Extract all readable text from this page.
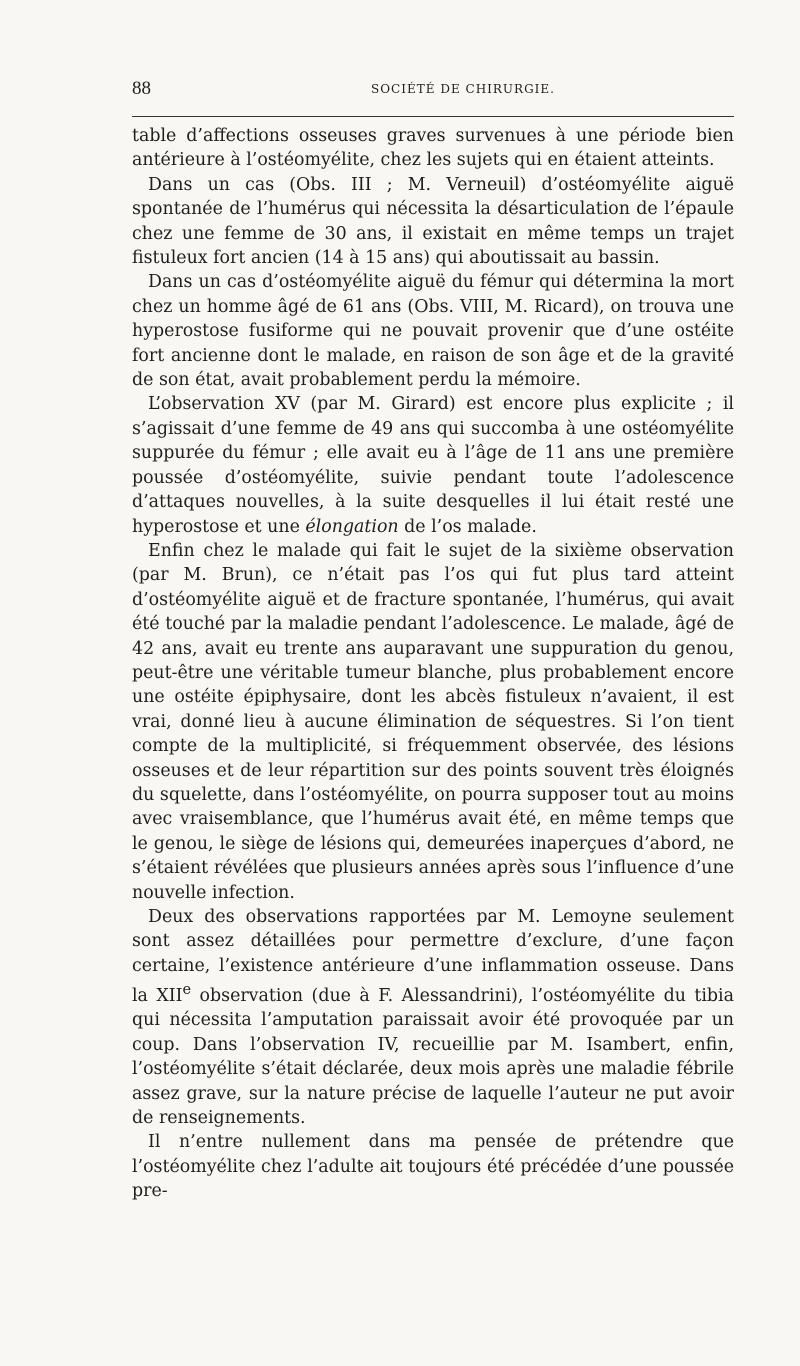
88	SOCIÉTÉ DE CHIRURGIE.

table d’affections osseuses graves survenues à une période bien antérieure à l’ostéomyélite, chez les sujets qui en étaient atteints.

Dans un cas (Obs. III ; M. Verneuil) d’ostéomyélite aiguë spontanée de l’humérus qui nécessita la désarticulation de l’épaule chez une femme de 30 ans, il existait en même temps un trajet fistuleux fort ancien (14 à 15 ans) qui aboutissait au bassin.

Dans un cas d’ostéomyélite aiguë du fémur qui détermina la mort chez un homme âgé de 61 ans (Obs. VIII, M. Ricard), on trouva une hyperostose fusiforme qui ne pouvait provenir que d’une ostéite fort ancienne dont le malade, en raison de son âge et de la gravité de son état, avait probablement perdu la mémoire.

L’observation XV (par M. Girard) est encore plus explicite ; il s’agissait d’une femme de 49 ans qui succomba à une ostéomyélite suppurée du fémur ; elle avait eu à l’âge de 11 ans une première poussée d’ostéomyélite, suivie pendant toute l’adolescence d’attaques nouvelles, à la suite desquelles il lui était resté une hyperostose et une élongation de l’os malade.

Enfin chez le malade qui fait le sujet de la sixième observation (par M. Brun), ce n’était pas l’os qui fut plus tard atteint d’ostéomyélite aiguë et de fracture spontanée, l’humérus, qui avait été touché par la maladie pendant l’adolescence. Le malade, âgé de 42 ans, avait eu trente ans auparavant une suppuration du genou, peut-être une véritable tumeur blanche, plus probablement encore une ostéite épiphysaire, dont les abcès fistuleux n’avaient, il est vrai, donné lieu à aucune élimination de séquestres. Si l’on tient compte de la multiplicité, si fréquemment observée, des lésions osseuses et de leur répartition sur des points souvent très éloignés du squelette, dans l’ostéomyélite, on pourra supposer tout au moins avec vraisemblance, que l’humérus avait été, en même temps que le genou, le siège de lésions qui, demeurées inaperçues d’abord, ne s’étaient révélées que plusieurs années après sous l’influence d’une nouvelle infection.

Deux des observations rapportées par M. Lemoyne seulement sont assez détaillées pour permettre d’exclure, d’une façon certaine, l’existence antérieure d’une inflammation osseuse. Dans la XIIe observation (due à F. Alessandrini), l’ostéomyélite du tibia qui nécessita l’amputation paraissait avoir été provoquée par un coup. Dans l’observation IV, recueillie par M. Isambert, enfin, l’ostéomyélite s’était déclarée, deux mois après une maladie fébrile assez grave, sur la nature précise de laquelle l’auteur ne put avoir de renseignements.

Il n’entre nullement dans ma pensée de prétendre que l’ostéomyélite chez l’adulte ait toujours été précédée d’une poussée pre-
